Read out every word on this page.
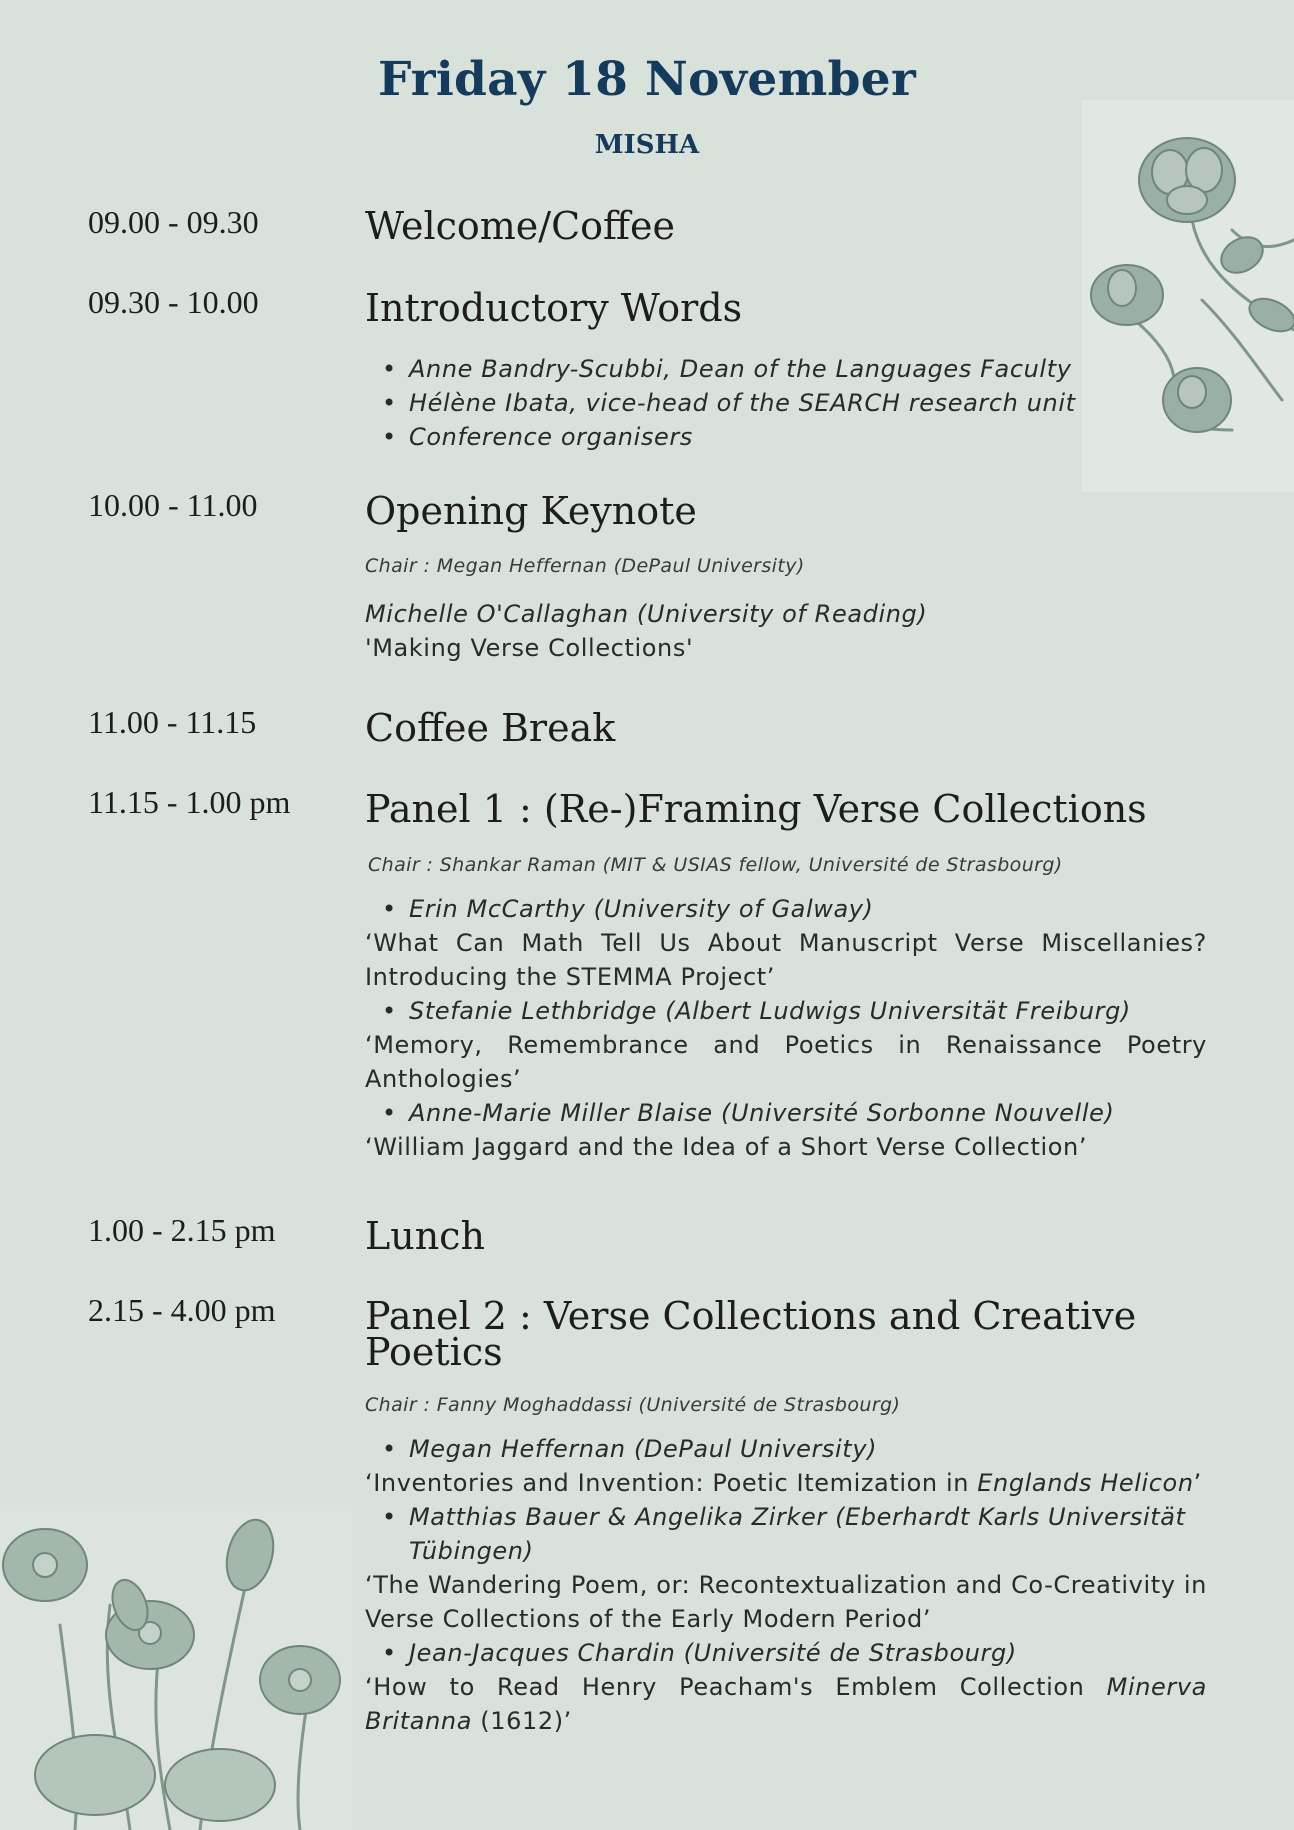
Friday 18 November
MISHA
09.00 - 09.30	Welcome/Coffee
09.30 - 10.00	Introductory Words
• Anne Bandry-Scubbi, Dean of the Languages Faculty
• Hélène Ibata, vice-head of the SEARCH research unit
• Conference organisers
10.00 - 11.00	Opening Keynote

Chair : Megan Heffernan (DePaul University)

Michelle O'Callaghan (University of Reading)
'Making Verse Collections'
11.00 - 11.15	Coffee Break
11.15 - 1.00 pm Panel 1 : (Re-)Framing Verse Collections

Chair : Shankar Raman (MIT & USIAS fellow, Université de Strasbourg)

• Erin McCarthy (University of Galway)
‘What Can Math Tell Us About Manuscript Verse Miscellanies? Introducing the STEMMA Project’
• Stefanie Lethbridge (Albert Ludwigs Universität Freiburg)
‘Memory, Remembrance and Poetics in Renaissance Poetry Anthologies’
• Anne-Marie Miller Blaise (Université Sorbonne Nouvelle)
‘William Jaggard and the Idea of a Short Verse Collection’
1.00 - 2.15 pm Lunch
2.15 - 4.00 pm Panel 2 : Verse Collections and Creative Poetics

Chair : Fanny Moghaddassi (Université de Strasbourg)

• Megan Heffernan (DePaul University)
‘Inventories and Invention: Poetic Itemization in Englands Helicon’
• Matthias Bauer & Angelika Zirker (Eberhardt Karls Universität Tübingen)
‘The Wandering Poem, or: Recontextualization and Co-Creativity in Verse Collections of the Early Modern Period’
• Jean-Jacques Chardin (Université de Strasbourg)
‘How to Read Henry Peacham's Emblem Collection Minerva Britanna (1612)’
